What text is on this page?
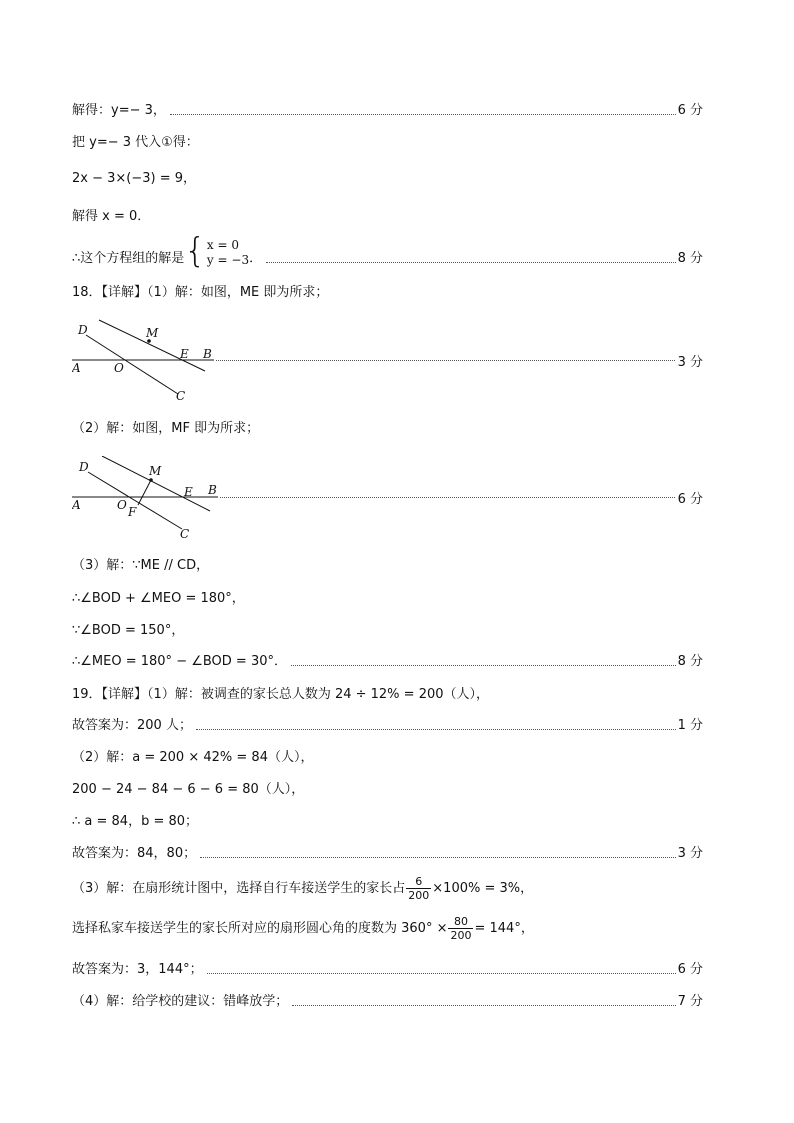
解得：y=− 3，	6 分
把 y=− 3 代入①得：
2x − 3×(−3) = 9，
解得 x = 0．
∴这个方程组的解是 { x = 0
y = −3 ．	8 分
18．【详解】（1）解：如图，ME 即为所求；
D	M
E B
A	O
C
3 分
（2）解：如图，MF 即为所求；
D	M
E B
A	O F
C
6 分
（3）解：∵ME // CD，
∴∠BOD + ∠MEO = 180°，
∵∠BOD = 150°，
∴∠MEO = 180° − ∠BOD = 30°．	8 分
19．【详解】（1）解：被调查的家长总人数为 24 ÷ 12% = 200（人），
故答案为：200 人；	1 分
（2）解：a = 200 × 42% = 84（人），
200 − 24 − 84 − 6 − 6 = 80（人），
∴ a = 84，b = 80；
故答案为：84，80；	3 分
（3）解：在扇形统计图中，选择自行车接送学生的家长占 $\frac{6}{200} \times 100\% = 3\%$，
选择私家车接送学生的家长所对应的扇形圆心角的度数为 $360^\circ \times \frac{80}{200} = 144^\circ$，
故答案为：3，144°；	6 分
（4）解：给学校的建议：错峰放学；	7 分
